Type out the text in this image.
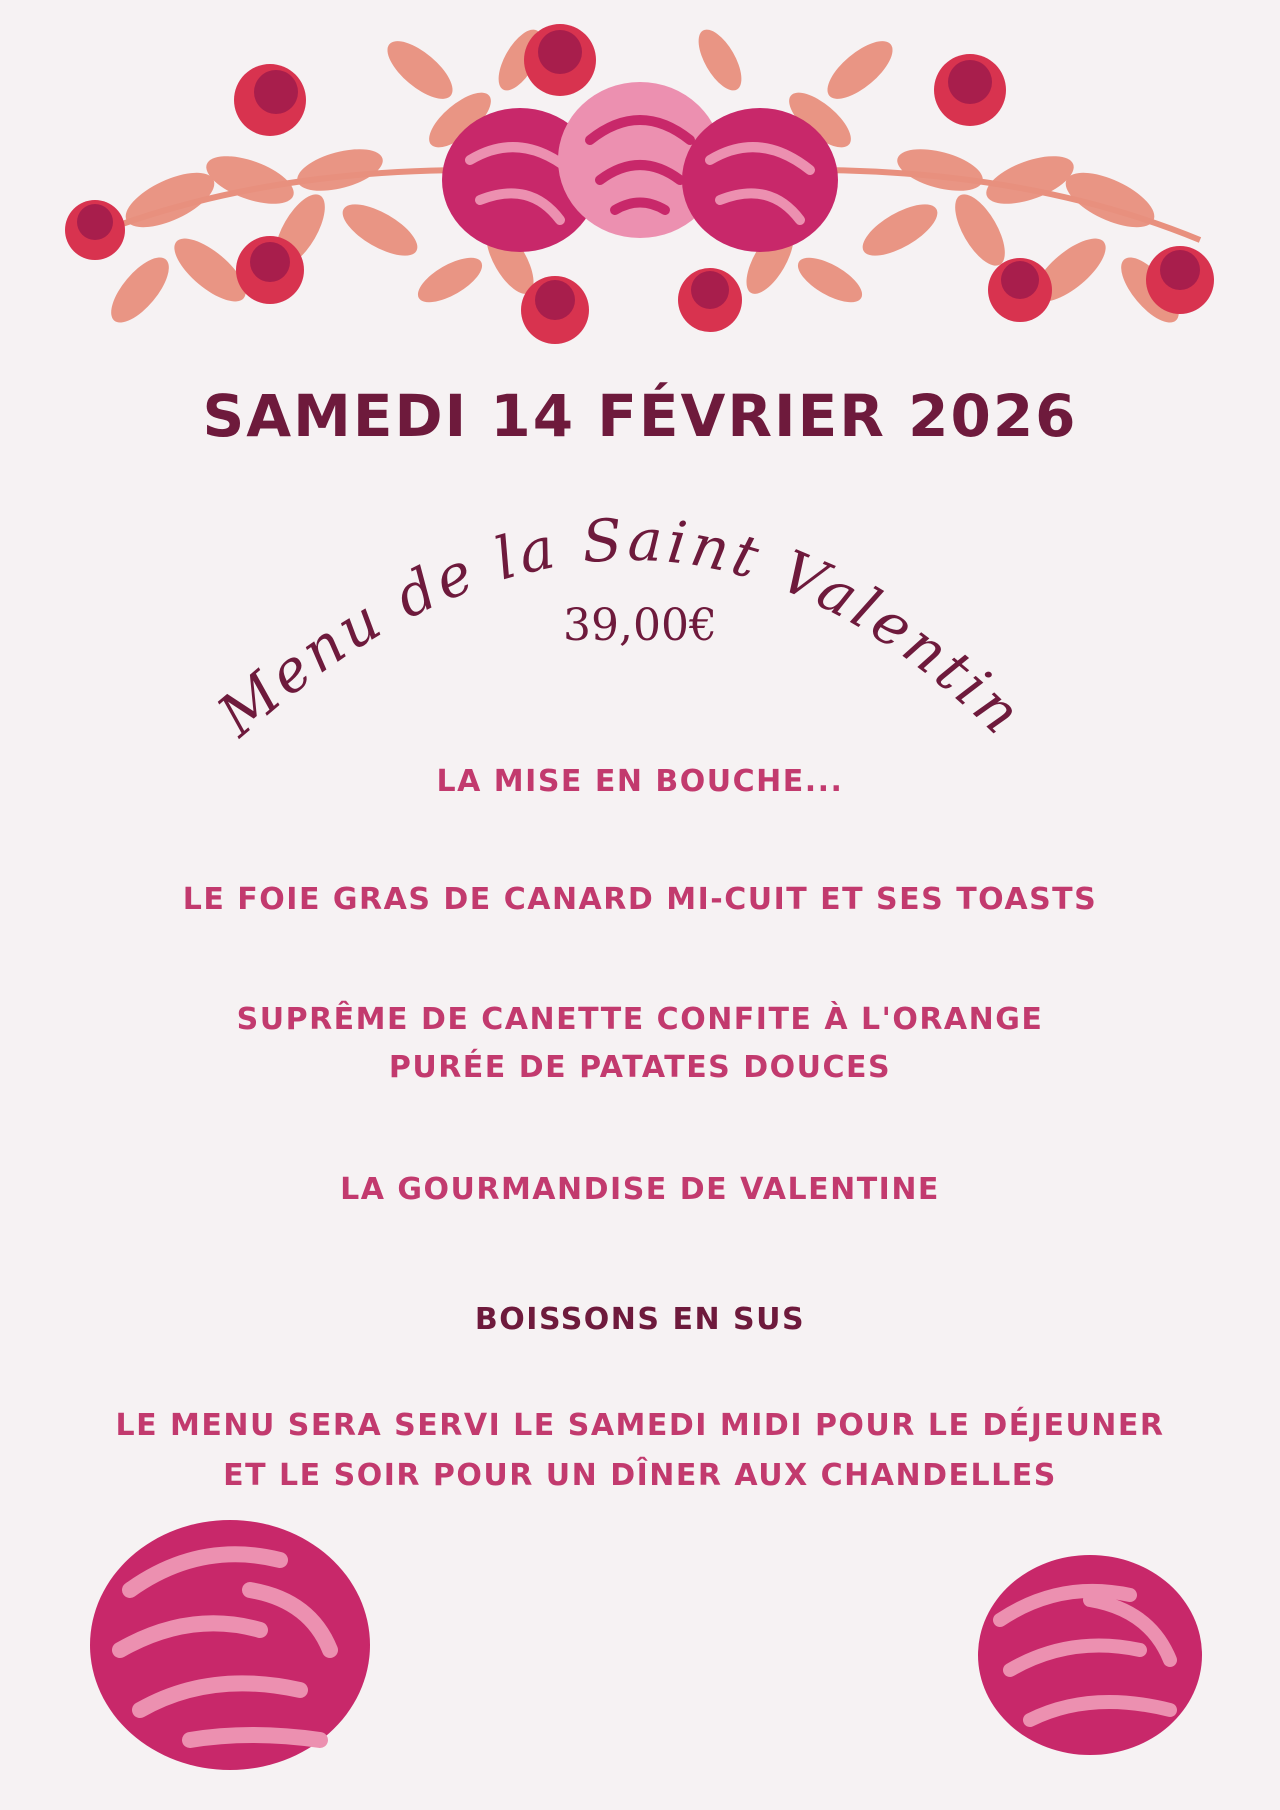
SAMEDI 14 FÉVRIER 2026
Menu de la Saint Valentin
39,00€
LA MISE EN BOUCHE...
LE FOIE GRAS DE CANARD MI-CUIT ET SES TOASTS
SUPRÊME DE CANETTE CONFITE À L'ORANGE
PURÉE DE PATATES DOUCES
LA GOURMANDISE DE VALENTINE
BOISSONS EN SUS
LE MENU SERA SERVI LE SAMEDI MIDI POUR LE DÉJEUNER
ET LE SOIR POUR UN DÎNER AUX CHANDELLES
